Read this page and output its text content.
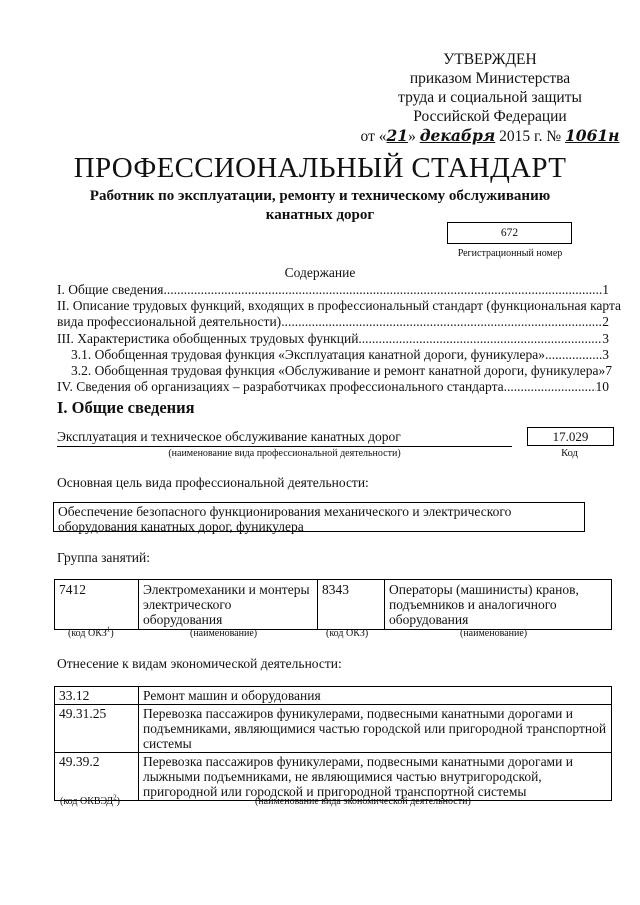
УТВЕРЖДЕН
приказом Министерства
труда и социальной защиты
Российской Федерации
от «21» декабря 2015 г. № 1061н
ПРОФЕССИОНАЛЬНЫЙ СТАНДАРТ
Работник по эксплуатации, ремонту и техническому обслуживанию канатных дорог
672
Регистрационный номер
Содержание
I. Общие сведения .....	1
II. Описание трудовых функций, входящих в профессиональный стандарт (функциональная карта
вида профессиональной деятельности) .....	2
III. Характеристика обобщенных трудовых функций .....	3
3.1. Обобщенная трудовая функция «Эксплуатация канатной дороги, фуникулера» .....	3
3.2. Обобщенная трудовая функция «Обслуживание и ремонт канатной дороги, фуникулера» 7
IV. Сведения об организациях – разработчиках профессионального стандарта .....	10
I. Общие сведения
Эксплуатация и техническое обслуживание канатных дорог
(наименование вида профессиональной деятельности)
17.029
Код
Основная цель вида профессиональной деятельности:
Обеспечение безопасного функционирования механического и электрического оборудования канатных дорог, фуникулера
Группа занятий:
7412	Электромеханики и монтеры электрического оборудования	8343	Операторы (машинисты) кранов, подъемников и аналогичного оборудования
(код ОКЗ$^1$)	(наименование)	(код ОКЗ)	(наименование)
Отнесение к видам экономической деятельности:
33.12	Ремонт машин и оборудования
49.31.25	Перевозка пассажиров фуникулерами, подвесными канатными дорогами и подъемниками, являющимися частью городской или пригородной транспортной системы
49.39.2	Перевозка пассажиров фуникулерами, подвесными канатными дорогами и лыжными подъемниками, не являющимися частью внутригородской, пригородной или городской и пригородной транспортной системы
(код ОКВЭД$^2$)	(наименование вида экономической деятельности)
